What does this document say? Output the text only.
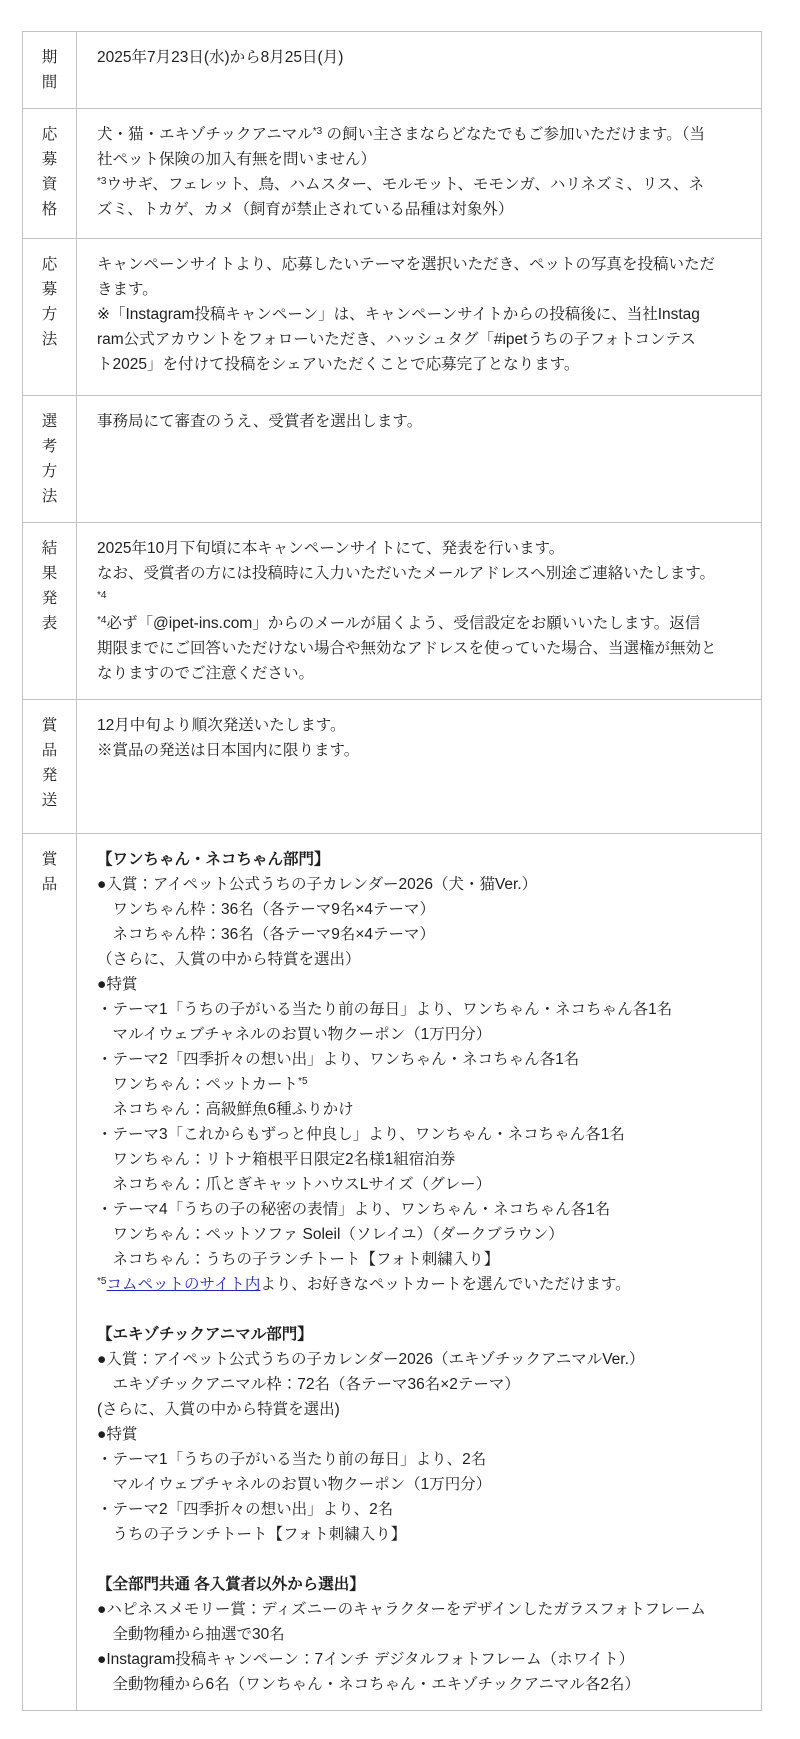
期
間
2025年7月23日(水)から8月25日(月)
応
募
資
格
犬・猫・エキゾチックアニマル$^{*3}$ の飼い主さまならどなたでもご参加いただけます。（当
社ペット保険の加入有無を問いません）
$^{*3}$ウサギ、フェレット、鳥、ハムスター、モルモット、モモンガ、ハリネズミ、リス、ネ
ズミ、トカゲ、カメ（飼育が禁止されている品種は対象外）
応
募
方
法
キャンペーンサイトより、応募したいテーマを選択いただき、ペットの写真を投稿いただ
きます。
※「Instagram投稿キャンペーン」は、キャンペーンサイトからの投稿後に、当社Instag
ram公式アカウントをフォローいただき、ハッシュタグ「#ipetうちの子フォトコンテス
ト2025」を付けて投稿をシェアいただくことで応募完了となります。
選
考
方
法
事務局にて審査のうえ、受賞者を選出します。
結
果
発
表
2025年10月下旬頃に本キャンペーンサイトにて、発表を行います。
なお、受賞者の方には投稿時に入力いただいたメールアドレスへ別途ご連絡いたします。
$^{*4}$
$^{*4}$必ず「@ipet-ins.com」からのメールが届くよう、受信設定をお願いいたします。返信
期限までにご回答いただけない場合や無効なアドレスを使っていた場合、当選権が無効と
なりますのでご注意ください。
賞
品
発
送
12月中旬より順次発送いたします。
※賞品の発送は日本国内に限ります。
賞
品
【ワンちゃん・ネコちゃん部門】
●入賞：アイペット公式うちの子カレンダー2026（犬・猫Ver.）
　ワンちゃん枠：36名（各テーマ9名×4テーマ）
　ネコちゃん枠：36名（各テーマ9名×4テーマ）
（さらに、入賞の中から特賞を選出）
●特賞
・テーマ1「うちの子がいる当たり前の毎日」より、ワンちゃん・ネコちゃん各1名
　マルイウェブチャネルのお買い物クーポン（1万円分）
・テーマ2「四季折々の想い出」より、ワンちゃん・ネコちゃん各1名
　ワンちゃん：ペットカート$^{*5}$
　ネコちゃん：高級鮮魚6種ふりかけ
・テーマ3「これからもずっと仲良し」より、ワンちゃん・ネコちゃん各1名
　ワンちゃん：リトナ箱根平日限定2名様1組宿泊券
　ネコちゃん：爪とぎキャットハウスLサイズ（グレー）
・テーマ4「うちの子の秘密の表情」より、ワンちゃん・ネコちゃん各1名
　ワンちゃん：ペットソファ Soleil（ソレイユ）（ダークブラウン）
　ネコちゃん：うちの子ランチトート【フォト刺繍入り】
$^{*5}$コムペットのサイト内より、お好きなペットカートを選んでいただけます。

【エキゾチックアニマル部門】
●入賞：アイペット公式うちの子カレンダー2026（エキゾチックアニマルVer.）
　エキゾチックアニマル枠：72名（各テーマ36名×2テーマ）
(さらに、入賞の中から特賞を選出)
●特賞
・テーマ1「うちの子がいる当たり前の毎日」より、2名
　マルイウェブチャネルのお買い物クーポン（1万円分）
・テーマ2「四季折々の想い出」より、2名
　うちの子ランチトート【フォト刺繍入り】

【全部門共通 各入賞者以外から選出】
●ハピネスメモリー賞：ディズニーのキャラクターをデザインしたガラスフォトフレーム
　全動物種から抽選で30名
●Instagram投稿キャンペーン：7インチ デジタルフォトフレーム（ホワイト）
　全動物種から6名（ワンちゃん・ネコちゃん・エキゾチックアニマル各2名）
